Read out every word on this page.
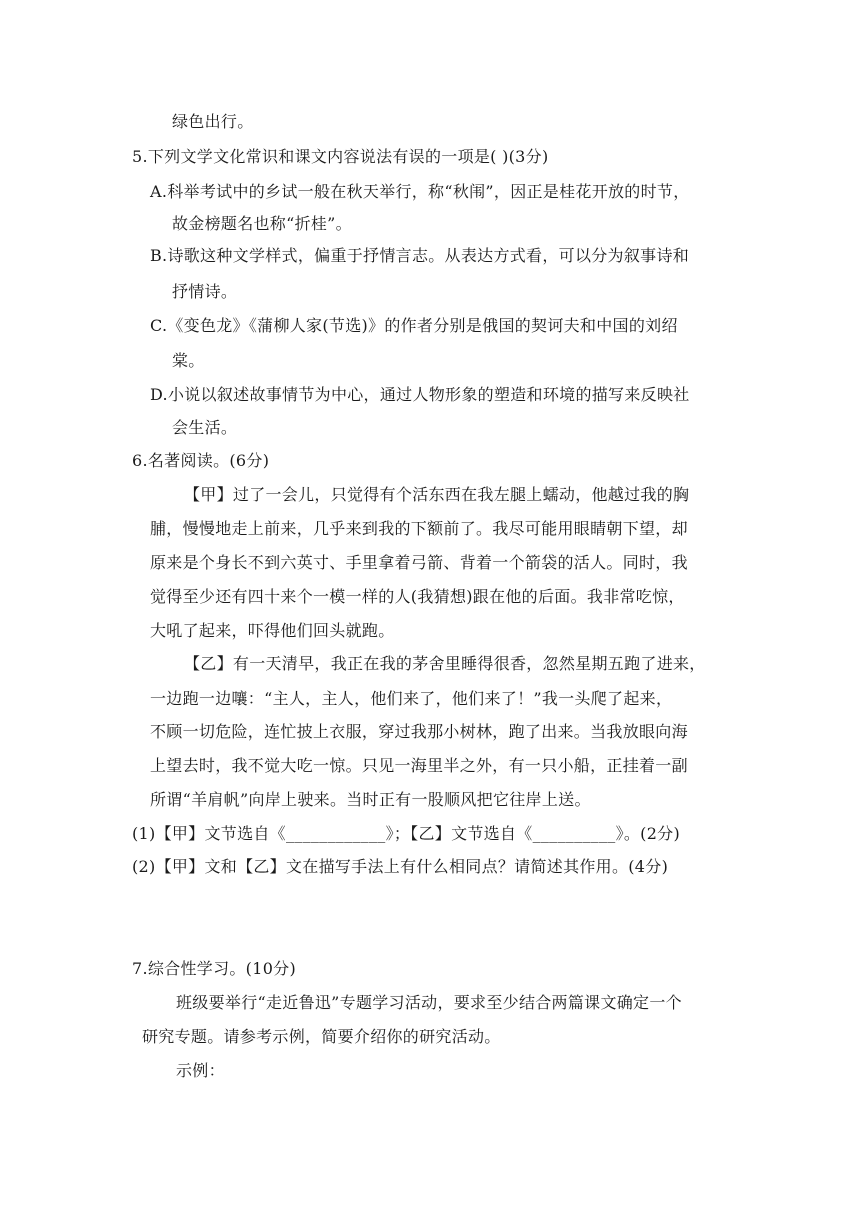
绿色出行。
5.下列文学文化常识和课文内容说法有误的一项是( )(3分)
A.科举考试中的乡试一般在秋天举行，称“秋闱”，因正是桂花开放的时节，
故金榜题名也称“折桂”。
B.诗歌这种文学样式，偏重于抒情言志。从表达方式看，可以分为叙事诗和
抒情诗。
C.《变色龙》《蒲柳人家(节选)》的作者分别是俄国的契诃夫和中国的刘绍
棠。
D.小说以叙述故事情节为中心，通过人物形象的塑造和环境的描写来反映社
会生活。
6.名著阅读。(6分)
【甲】过了一会儿，只觉得有个活东西在我左腿上蠕动，他越过我的胸
脯，慢慢地走上前来，几乎来到我的下额前了。我尽可能用眼睛朝下望，却
原来是个身长不到六英寸、手里拿着弓箭、背着一个箭袋的活人。同时，我
觉得至少还有四十来个一模一样的人(我猜想)跟在他的后面。我非常吃惊，
大吼了起来，吓得他们回头就跑。
【乙】有一天清早，我正在我的茅舍里睡得很香，忽然星期五跑了进来，
一边跑一边嚷：“主人，主人，他们来了，他们来了！”我一头爬了起来，
不顾一切危险，连忙披上衣服，穿过我那小树林，跑了出来。当我放眼向海
上望去时，我不觉大吃一惊。只见一海里半之外，有一只小船，正挂着一副
所谓“羊肩帆”向岸上驶来。当时正有一股顺风把它往岸上送。
(1)【甲】文节选自《____________》；【乙】文节选自《__________》。(2分)
(2)【甲】文和【乙】文在描写手法上有什么相同点？请简述其作用。(4分)
7.综合性学习。(10分)
班级要举行“走近鲁迅”专题学习活动，要求至少结合两篇课文确定一个
研究专题。请参考示例，简要介绍你的研究活动。
示例：
